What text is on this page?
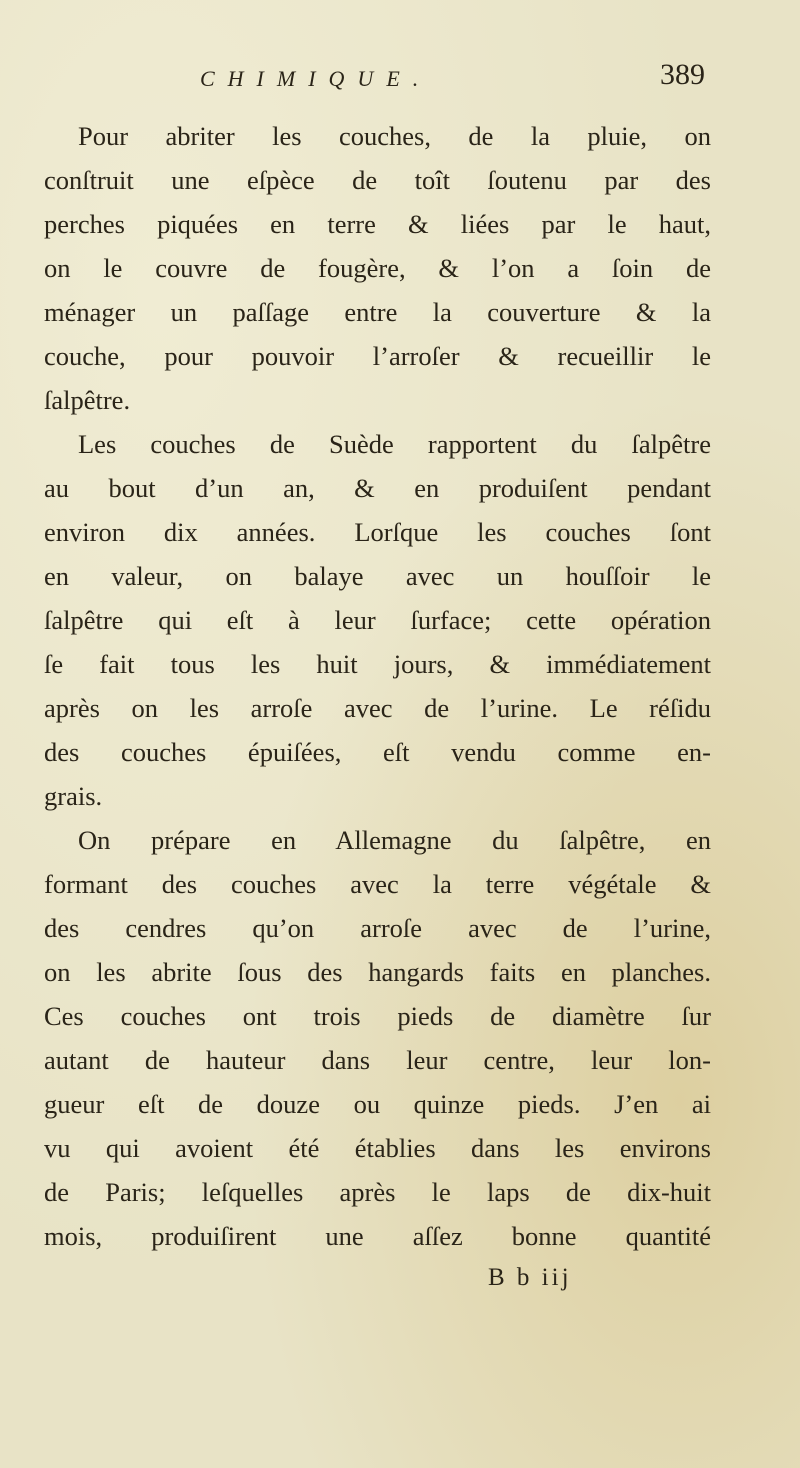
CHIMIQUE.	389
Pour abriter les couches, de la pluie, on
conſtruit une eſpèce de toît ſoutenu par des
perches piquées en terre & liées par le haut,
on le couvre de fougère, & l’on a ſoin de
ménager un paſſage entre la couverture & la
couche, pour pouvoir l’arroſer & recueillir le
ſalpêtre.
Les couches de Suède rapportent du ſalpêtre
au bout d’un an, & en produiſent pendant
environ dix années. Lorſque les couches ſont
en valeur, on balaye avec un houſſoir le
ſalpêtre qui eſt à leur ſurface; cette opération
ſe fait tous les huit jours, & immédiatement
après on les arroſe avec de l’urine. Le réſidu
des couches épuiſées, eſt vendu comme en-
grais.
On prépare en Allemagne du ſalpêtre, en
formant des couches avec la terre végétale &
des cendres qu’on arroſe avec de l’urine,
on les abrite ſous des hangards faits en planches.
Ces couches ont trois pieds de diamètre ſur
autant de hauteur dans leur centre, leur lon-
gueur eſt de douze ou quinze pieds. J’en ai
vu qui avoient été établies dans les environs
de Paris; leſquelles après le laps de dix-huit
mois, produiſirent une aſſez bonne quantité
B b iij
